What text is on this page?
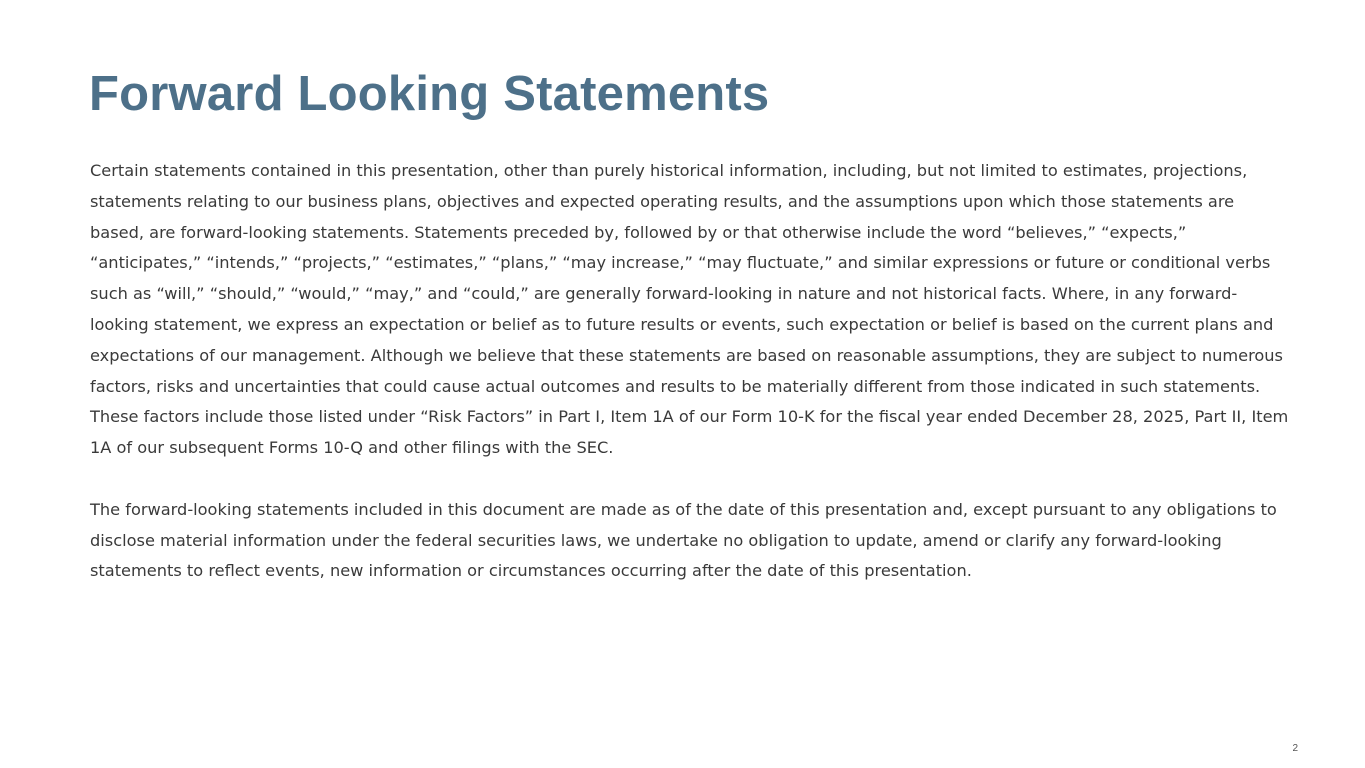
Forward Looking Statements

Certain statements contained in this presentation, other than purely historical information, including, but not limited to estimates, projections, statements relating to our business plans, objectives and expected operating results, and the assumptions upon which those statements are based, are forward-looking statements. Statements preceded by, followed by or that otherwise include the word “believes,” “expects,” “anticipates,” “intends,” “projects,” “estimates,” “plans,” “may increase,” “may fluctuate,” and similar expressions or future or conditional verbs such as “will,” “should,” “would,” “may,” and “could,” are generally forward-looking in nature and not historical facts. Where, in any forward-looking statement, we express an expectation or belief as to future results or events, such expectation or belief is based on the current plans and expectations of our management. Although we believe that these statements are based on reasonable assumptions, they are subject to numerous factors, risks and uncertainties that could cause actual outcomes and results to be materially different from those indicated in such statements. These factors include those listed under “Risk Factors” in Part I, Item 1A of our Form 10-K for the fiscal year ended December 28, 2025, Part II, Item 1A of our subsequent Forms 10-Q and other filings with the SEC.

The forward-looking statements included in this document are made as of the date of this presentation and, except pursuant to any obligations to disclose material information under the federal securities laws, we undertake no obligation to update, amend or clarify any forward-looking statements to reflect events, new information or circumstances occurring after the date of this presentation.

2
